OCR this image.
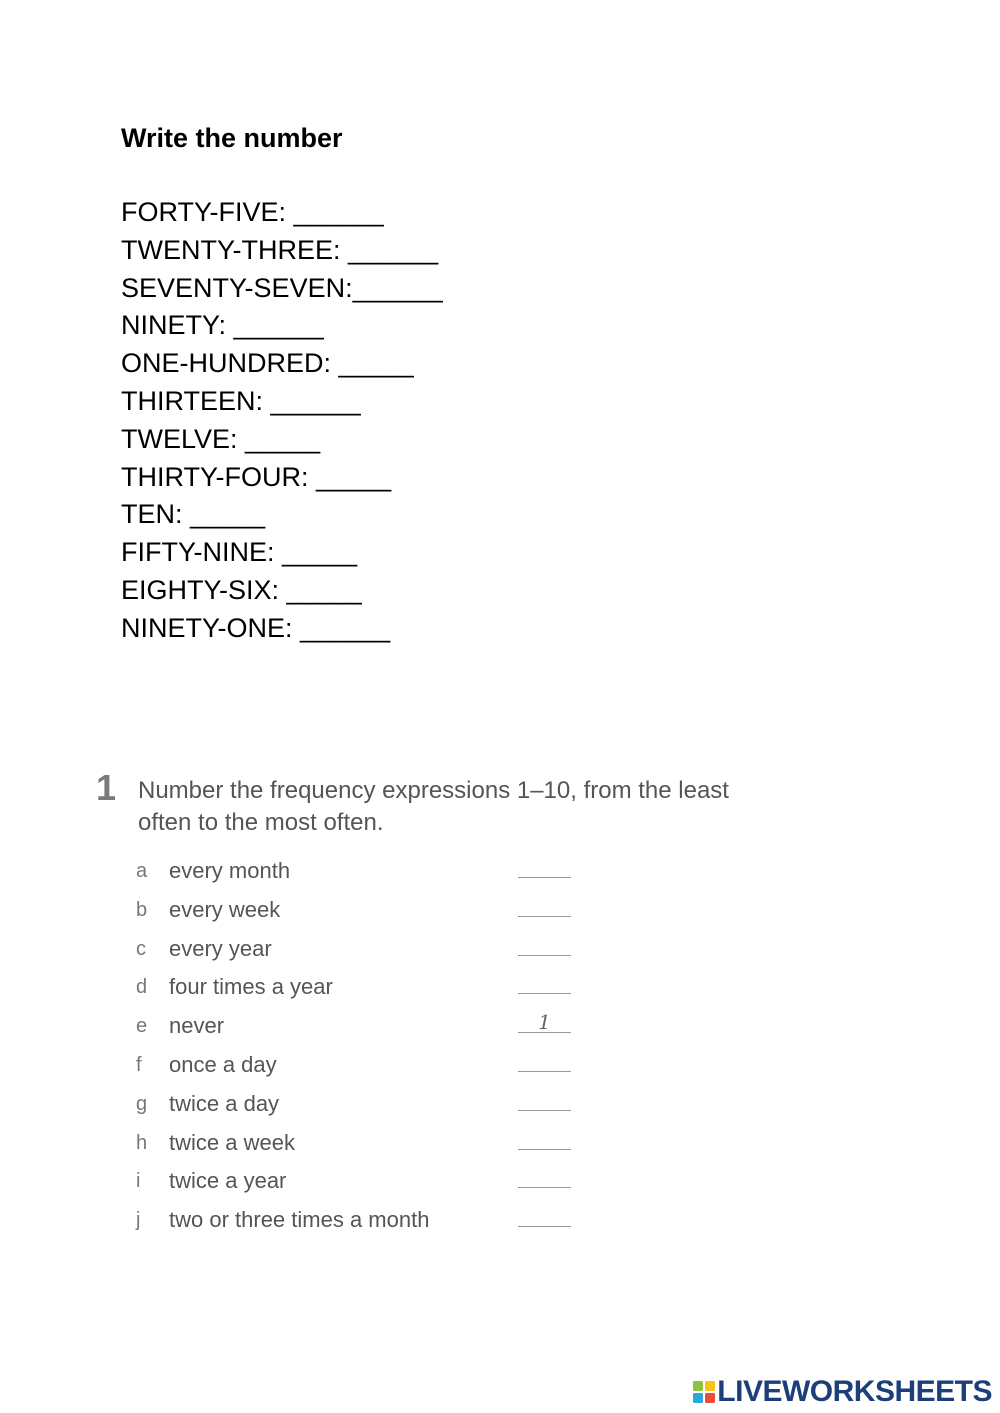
Write the number
FORTY-FIVE: ______
TWENTY-THREE: ______
SEVENTY-SEVEN:______
NINETY: ______
ONE-HUNDRED: _____
THIRTEEN: ______
TWELVE: _____
THIRTY-FOUR: _____
TEN: _____
FIFTY-NINE: _____
EIGHTY-SIX: _____
NINETY-ONE: ______
1 Number the frequency expressions 1–10, from the least often to the most often.
a every month
b every week
c	every year
d four times a year
e never	1
f	once a day
g twice a day
h twice a week
i	twice a year
j	two or three times a month
LIVEWORKSHEETS
